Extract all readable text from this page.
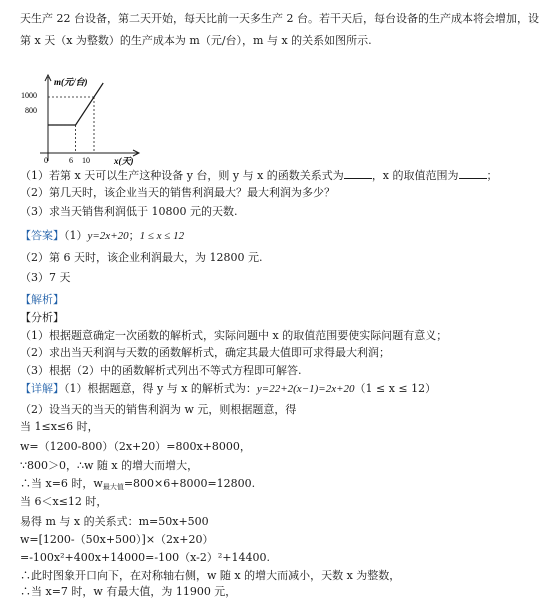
天生产 22 台设备，第二天开始，每天比前一天多生产 2 台。若干天后，每台设备的生产成本将会增加，设
第 x 天（x 为整数）的生产成本为 m（元/台），m 与 x 的关系如图所示.
m(元/台)
x(天)
1000
800
0	6 10
（1）若第 x 天可以生产这种设备 y 台，则 y 与 x 的函数关系式为	，x 的取值范围为	；
（2）第几天时，该企业当天的销售利润最大？最大利润为多少？
（3）求当天销售利润低于 10800 元的天数.
【答案】（1）y=2x+20；1 ≤ x ≤ 12
（2）第 6 天时，该企业利润最大，为 12800 元.
（3）7 天
【解析】
【分析】
（1）根据题意确定一次函数的解析式，实际问题中 x 的取值范围要使实际问题有意义；
（2）求出当天利润与天数的函数解析式，确定其最大值即可求得最大利润；
（3）根据（2）中的函数解析式列出不等式方程即可解答.
【详解】（1）根据题意，得 y 与 x 的解析式为：y=22+2(x−1)=2x+20（1 ≤ x ≤ 12）
（2）设当天的当天的销售利润为 w 元，则根据题意，得
当 1≤x≤6 时，
w=（1200-800）（2x+20）=800x+8000，
∵800＞0，∴w 随 x 的增大而增大，
∴当 x=6 时，$w_{最大值}=800\times 6+8000=12800$.
当 6＜x≤12 时，
易得 m 与 x 的关系式：m=50x+500
w=[1200-（50x+500）]×（2x+20）
=-100x²+400x+14000=-100（x-2）²+14400.
∴此时图象开口向下，在对称轴右侧，w 随 x 的增大而减小，天数 x 为整数，
∴当 x=7 时，w 有最大值，为 11900 元，
